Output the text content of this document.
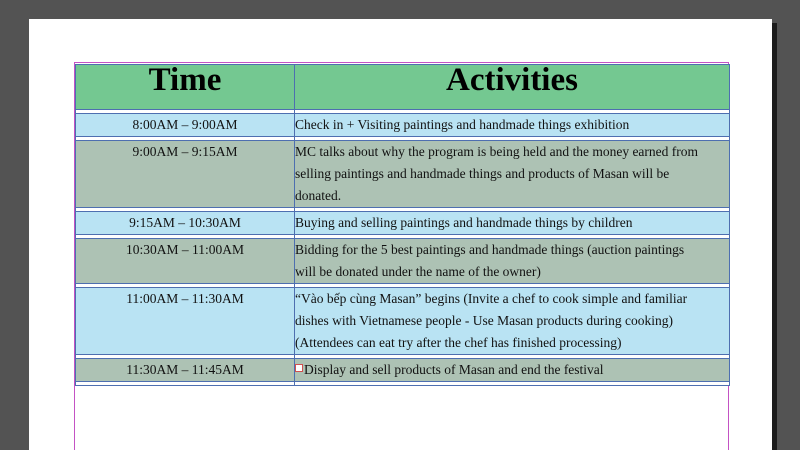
Time	Activities

8:00AM – 9:00AM	Check in + Visiting paintings and handmade things exhibition

9:00AM – 9:15AM	MC talks about why the program is being held and the money earned from
selling paintings and handmade things and products of Masan will be
donated.

9:15AM – 10:30AM	Buying and selling paintings and handmade things by children

10:30AM – 11:00AM	Bidding for the 5 best paintings and handmade things (auction paintings
will be donated under the name of the owner)

11:00AM – 11:30AM	“Vào bếp cùng Masan” begins (Invite a chef to cook simple and familiar
dishes with Vietnamese people - Use Masan products during cooking)
(Attendees can eat try after the chef has finished processing)

11:30AM – 11:45AM	Display and sell products of Masan and end the festival
